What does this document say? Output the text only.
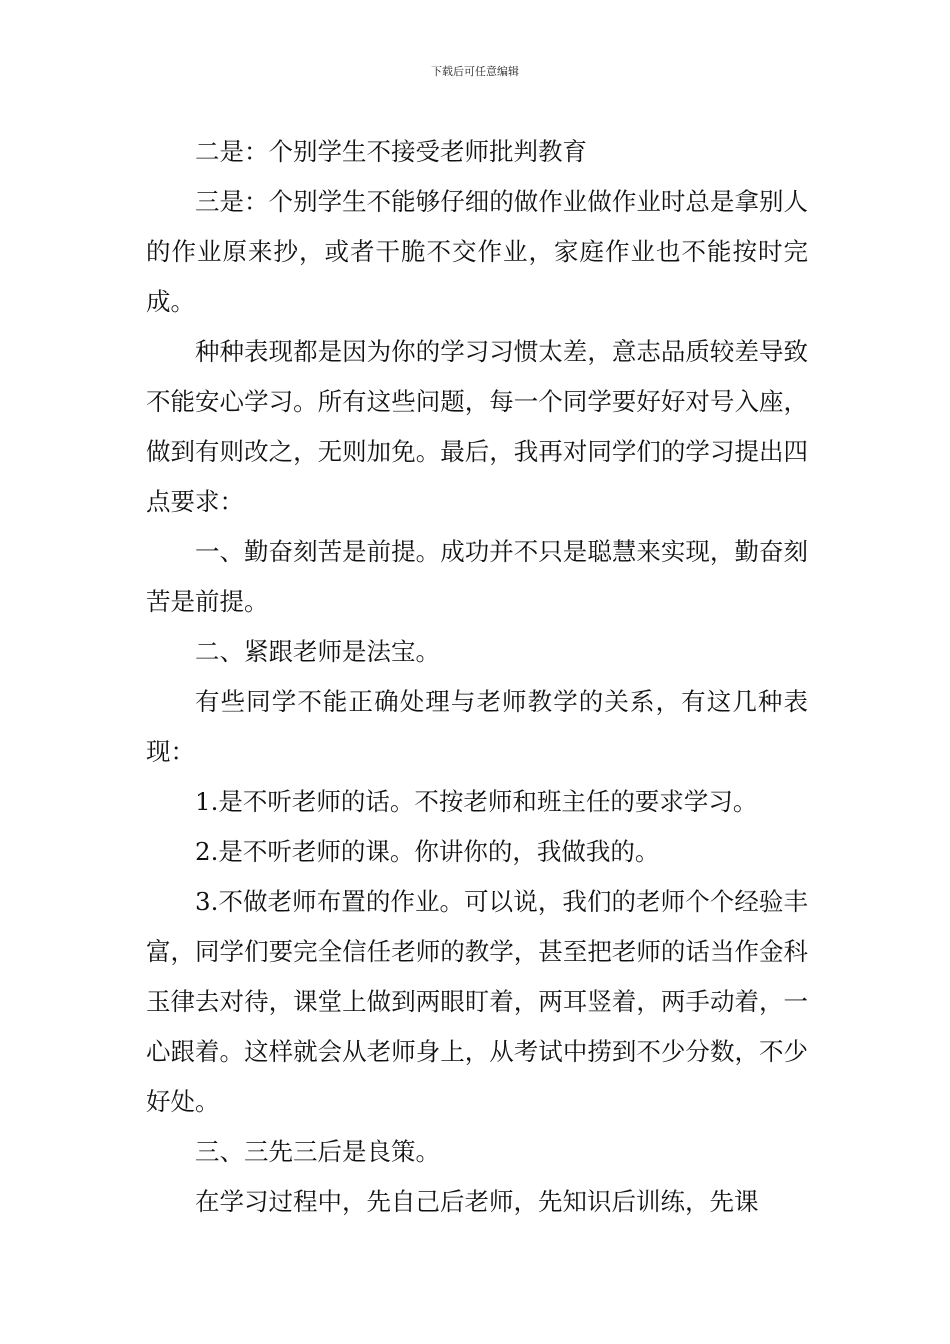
下载后可任意编辑

二是：个别学生不接受老师批判教育

三是：个别学生不能够仔细的做作业做作业时总是拿别人的作业原来抄，或者干脆不交作业，家庭作业也不能按时完成。

种种表现都是因为你的学习习惯太差，意志品质较差导致不能安心学习。所有这些问题，每一个同学要好好对号入座，做到有则改之，无则加免。最后，我再对同学们的学习提出四点要求：

一、勤奋刻苦是前提。成功并不只是聪慧来实现，勤奋刻苦是前提。

二、紧跟老师是法宝。

有些同学不能正确处理与老师教学的关系，有这几种表现：

1.是不听老师的话。不按老师和班主任的要求学习。

2.是不听老师的课。你讲你的，我做我的。

3.不做老师布置的作业。可以说，我们的老师个个经验丰富，同学们要完全信任老师的教学，甚至把老师的话当作金科玉律去对待，课堂上做到两眼盯着，两耳竖着，两手动着，一心跟着。这样就会从老师身上，从考试中捞到不少分数，不少好处。

三、三先三后是良策。

在学习过程中，先自己后老师，先知识后训练，先课
